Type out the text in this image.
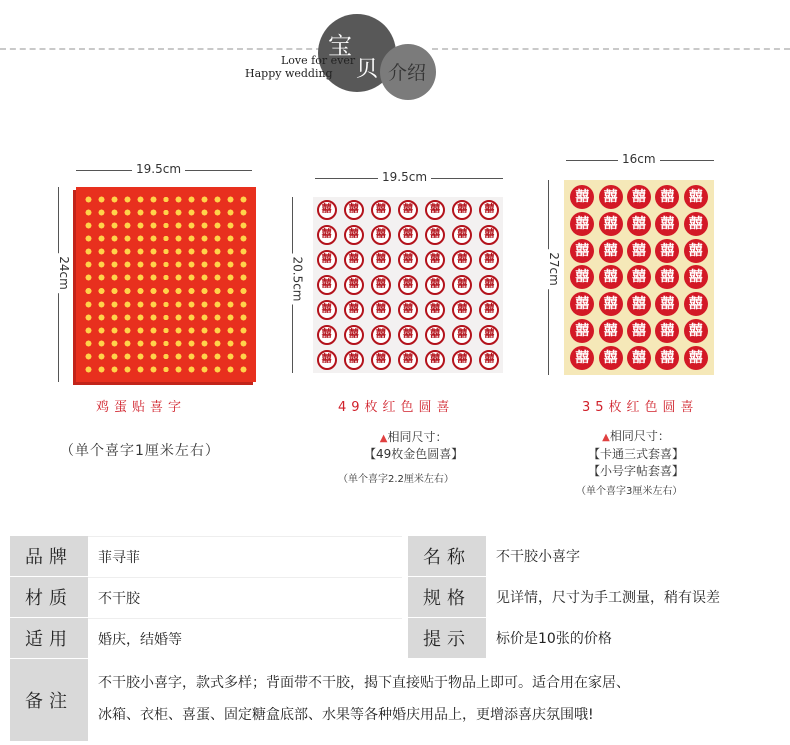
宝
贝 介绍
Love for ever
Happy wedding
19.5cm
24cm
鸡蛋贴喜字
（单个喜字1厘米左右）
19.5cm
20.5cm
囍	囍	囍	囍	囍	囍	囍
囍	囍	囍	囍	囍	囍	囍
囍	囍	囍	囍	囍	囍	囍
囍	囍	囍	囍	囍	囍	囍
囍	囍	囍	囍	囍	囍	囍
囍	囍	囍	囍	囍	囍	囍
囍	囍	囍	囍	囍	囍	囍
49枚红色圆喜
▲相同尺寸：
【49枚金色圆喜】
（单个喜字2.2厘米左右）
16cm
27cm
囍	囍	囍	囍	囍
囍	囍	囍	囍	囍
囍	囍	囍	囍	囍
囍	囍	囍	囍	囍
囍	囍	囍	囍	囍
囍	囍	囍	囍	囍
囍	囍	囍	囍	囍
35枚红色圆喜
▲相同尺寸：
【卡通三式套喜】
【小号字帖套喜】
（单个喜字3厘米左右）
品牌	菲寻菲	名称	不干胶小喜字
材质	不干胶	规格	见详情，尺寸为手工测量，稍有误差
适用	婚庆，结婚等	提示	标价是10张的价格
备注
不干胶小喜字，款式多样；背面带不干胶，揭下直接贴于物品上即可。适合用在家居、
冰箱、衣柜、喜蛋、固定糖盒底部、水果等各种婚庆用品上，更增添喜庆氛围哦!
